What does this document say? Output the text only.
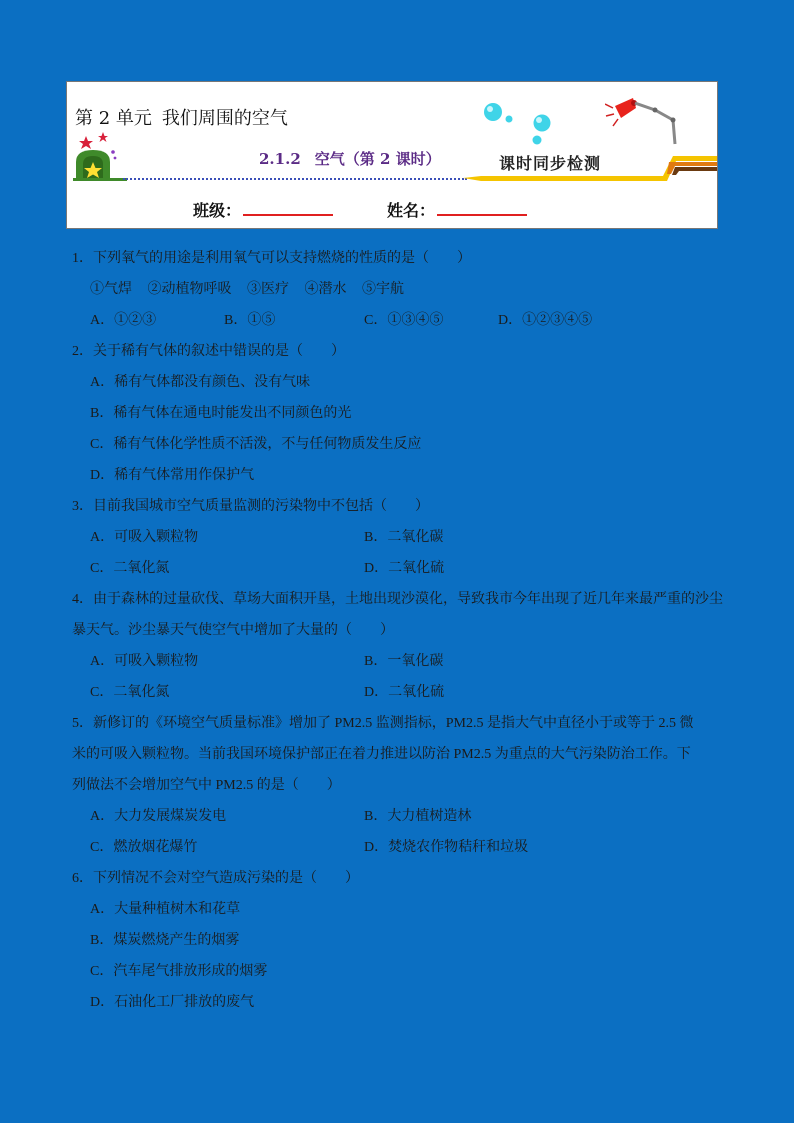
第 2 单元 我们周围的空气
2.1.2 空气（第 2 课时）	课时同步检测
班级：	姓名：
1．下列氧气的用途是利用氧气可以支持燃烧的性质的是（　　）
①气焊 ②动植物呼吸 ③医疗 ④潜水 ⑤宇航
A．①②③	B．①⑤	C．①③④⑤	D．①②③④⑤
2．关于稀有气体的叙述中错误的是（　　）
A．稀有气体都没有颜色、没有气味
B．稀有气体在通电时能发出不同颜色的光
C．稀有气体化学性质不活泼，不与任何物质发生反应
D．稀有气体常用作保护气
3．目前我国城市空气质量监测的污染物中不包括（　　）
A．可吸入颗粒物	B．二氧化碳
C．二氧化氮	D．二氧化硫
4．由于森林的过量砍伐、草场大面积开垦，土地出现沙漠化，导致我市今年出现了近几年来最严重的沙尘
暴天气。沙尘暴天气使空气中增加了大量的（　　）
A．可吸入颗粒物	B．一氧化碳
C．二氧化氮	D．二氧化硫
5．新修订的《环境空气质量标准》增加了 PM2.5 监测指标，PM2.5 是指大气中直径小于或等于 2.5 微
米的可吸入颗粒物。当前我国环境保护部正在着力推进以防治 PM2.5 为重点的大气污染防治工作。下
列做法不会增加空气中 PM2.5 的是（　　）
A．大力发展煤炭发电	B．大力植树造林
C．燃放烟花爆竹	D．焚烧农作物秸秆和垃圾
6．下列情况不会对空气造成污染的是（　　）
A．大量种植树木和花草
B．煤炭燃烧产生的烟雾
C．汽车尾气排放形成的烟雾
D．石油化工厂排放的废气
